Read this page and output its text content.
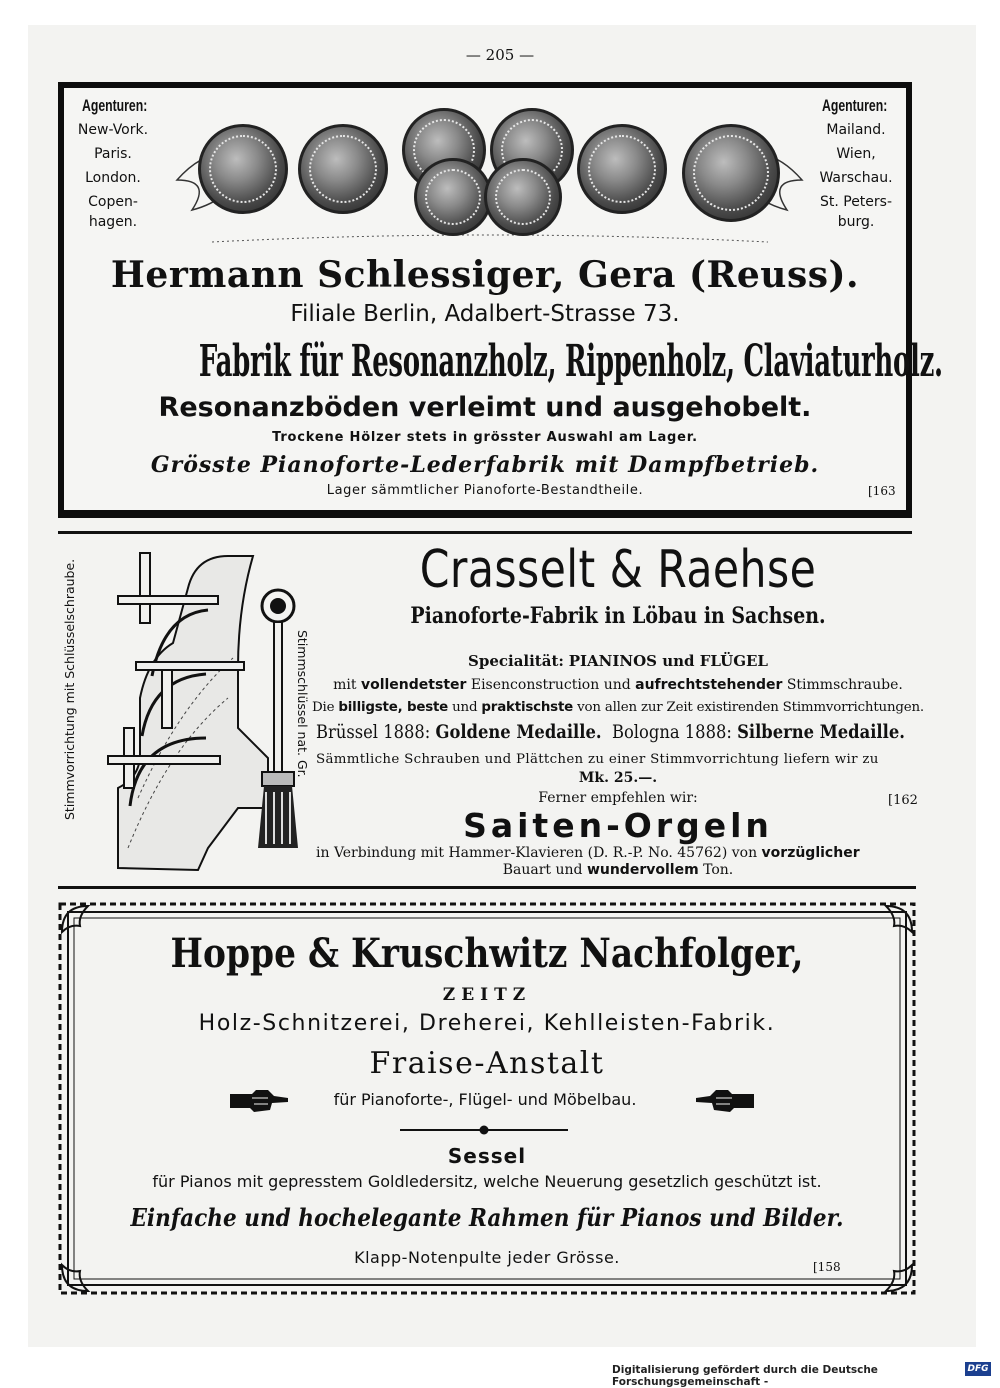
— 205 —
Agenturen:
New-Vork.
Paris.
London.
Copen-
hagen.
Agenturen:
Mailand.
Wien,
Warschau.
St. Peters-
burg.
Hermann Schlessiger, Gera (Reuss).
Filiale Berlin, Adalbert-Strasse 73.
Fabrik für Resonanzholz, Rippenholz, Claviaturholz.
Resonanzböden verleimt und ausgehobelt.
Trockene Hölzer stets in grösster Auswahl am Lager.
Grösste Pianoforte-Lederfabrik mit Dampfbetrieb.
Lager sämmtlicher Pianoforte-Bestandtheile.	[163
Stimmvorrichtung mit Schlüsselschraube.	Stimmschlüssel nat. Gr.
Crasselt & Raehse
Pianoforte-Fabrik in Löbau in Sachsen.
Specialität: PIANINOS und FLÜGEL
mit vollendetster Eisenconstruction und aufrechtstehender Stimmschraube.
Die billigste, beste und praktischste von allen zur Zeit existirenden Stimmvorrichtungen.
Brüssel 1888: Goldene Medaille. Bologna 1888: Silberne Medaille.
Sämmtliche Schrauben und Plättchen zu einer Stimmvorrichtung liefern wir zu
Mk. 25.—.
Ferner empfehlen wir:	[162
Saiten-Orgeln
in Verbindung mit Hammer-Klavieren (D. R.-P. No. 45762) von vorzüglicher
Bauart und wundervollem Ton.
Hoppe & Kruschwitz Nachfolger,
ZEITZ
Holz-Schnitzerei, Dreherei, Kehlleisten-Fabrik.
Fraise-Anstalt
für Pianoforte-, Flügel- und Möbelbau.
Sessel
für Pianos mit gepresstem Goldledersitz, welche Neuerung gesetzlich geschützt ist.
Einfache und hochelegante Rahmen für Pianos und Bilder.
Klapp-Notenpulte jeder Grösse.	[158
Digitalisierung gefördert durch die Deutsche Forschungsgemeinschaft -
DFG
